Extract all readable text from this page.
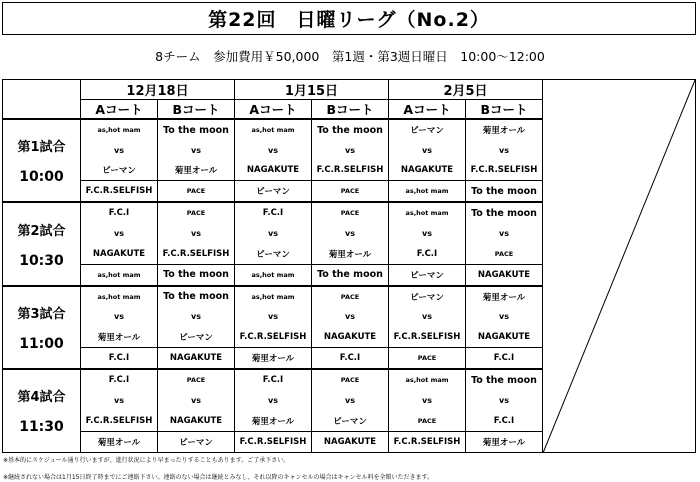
第22回　日曜リーグ（No.2）
8チーム　参加費用￥50,000　第1週・第3週日曜日　10:00〜12:00
	12月18日		1月15日		2月5日	

	Aコート	Bコート	Aコート	Bコート	Aコート	Bコート	

第1試合
10:00	as,hot mam	To the moon	as,hot mam	To the moon	ピーマン	菊里オール	
	vs	vs	vs	vs	vs	vs	
	ピーマン	菊里オール	NAGAKUTE	F.C.R.SELFISH	NAGAKUTE	F.C.R.SELFISH	
	F.C.R.SELFISH	PACE	ピーマン	PACE	as,hot mam	To the moon	

第2試合
10:30	F.C.I	PACE	F.C.I	PACE	as,hot mam	To the moon	
	vs	vs	vs	vs	vs	vs	
	NAGAKUTE	F.C.R.SELFISH	ピーマン	菊里オール	F.C.I	PACE	
	as,hot mam	To the moon	as,hot mam	To the moon	ピーマン	NAGAKUTE	

第3試合
11:00	as,hot mam	To the moon	as,hot mam	PACE	ピーマン	菊里オール	
	vs	vs	vs	vs	vs	vs	
	菊里オール	ピーマン	F.C.R.SELFISH	NAGAKUTE	F.C.R.SELFISH	NAGAKUTE	
	F.C.I	NAGAKUTE	菊里オール	F.C.I	PACE	F.C.I	

第4試合
11:30	F.C.I	PACE	F.C.I	PACE	as,hot mam	To the moon	
	vs	vs	vs	vs	vs	vs	
	F.C.R.SELFISH	NAGAKUTE	菊里オール	ピーマン	PACE	F.C.I	
	菊里オール	ピーマン	F.C.R.SELFISH	NAGAKUTE	F.C.R.SELFISH	菊里オール	
※基本的にスケジュール通り行いますが、進行状況により早まったりすることもあります。ご了承下さい。
※継続されない場合は1月15日終了時までにご連絡下さい。連絡のない場合は継続とみなし、それ以降のキャンセルの場合はキャンセル料を全額いただきます。
